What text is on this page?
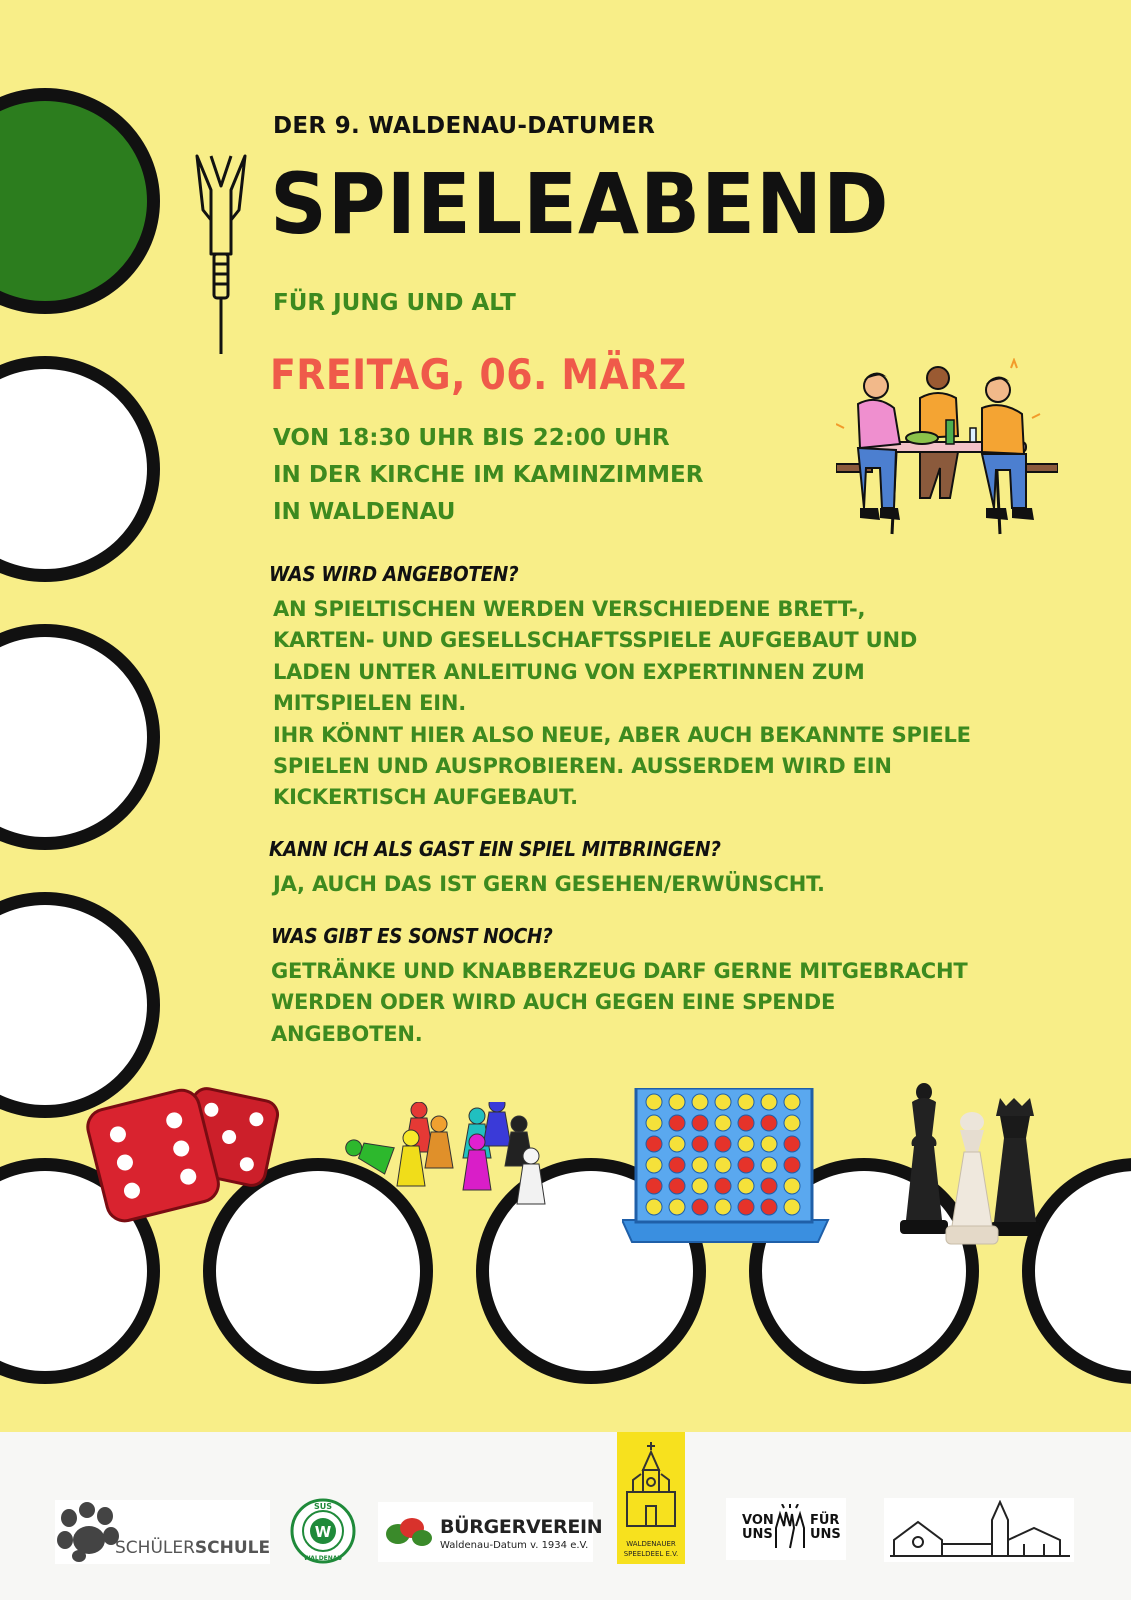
DER 9. WALDENAU-DATUMER
SPIELEABEND
FÜR JUNG UND ALT
FREITAG, 06. MÄRZ
VON 18:30 UHR BIS 22:00 UHR
IN DER KIRCHE IM KAMINZIMMER
IN WALDENAU
WAS WIRD ANGEBOTEN?
AN SPIELTISCHEN WERDEN VERSCHIEDENE BRETT-,
KARTEN- UND GESELLSCHAFTSSPIELE AUFGEBAUT UND
LADEN UNTER ANLEITUNG VON EXPERTINNEN ZUM
MITSPIELEN EIN.
IHR KÖNNT HIER ALSO NEUE, ABER AUCH BEKANNTE SPIELE
SPIELEN UND AUSPROBIEREN. AUSSERDEM WIRD EIN
KICKERTISCH AUFGEBAUT.
KANN ICH ALS GAST EIN SPIEL MITBRINGEN?
JA, AUCH DAS IST GERN GESEHEN/ERWÜNSCHT.
WAS GIBT ES SONST NOCH?
GETRÄNKE UND KNABBERZEUG DARF GERNE MITGEBRACHT
WERDEN ODER WIRD AUCH GEGEN EINE SPENDE
ANGEBOTEN.
SCHÜLERSCHULE
W
SUS
WALDENAU
BÜRGERVEREIN
Waldenau-Datum v. 1934 e.V.	WALDENAUER
SPEELDEEL E.V.
VON
UNS
FÜR
UNS
